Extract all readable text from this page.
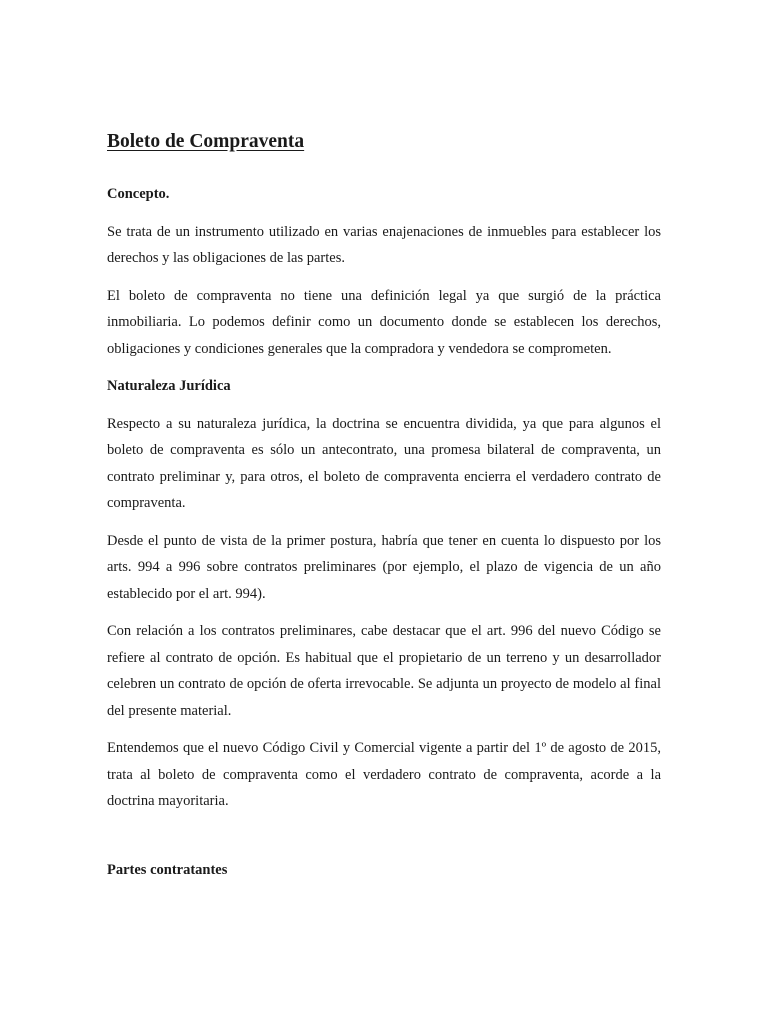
Boleto de Compraventa
Concepto.

Se trata de un instrumento utilizado en varias enajenaciones de inmuebles para establecer los derechos y las obligaciones de las partes.

El boleto de compraventa no tiene una definición legal ya que surgió de la práctica inmobiliaria. Lo podemos definir como un documento donde se establecen los derechos, obligaciones y condiciones generales que la compradora y vendedora se comprometen.

Naturaleza Jurídica

Respecto a su naturaleza jurídica, la doctrina se encuentra dividida, ya que para algunos el boleto de compraventa es sólo un antecontrato, una promesa bilateral de compraventa, un contrato preliminar y, para otros, el boleto de compraventa encierra el verdadero contrato de compraventa.

Desde el punto de vista de la primer postura, habría que tener en cuenta lo dispuesto por los arts. 994 a 996 sobre contratos preliminares (por ejemplo, el plazo de vigencia de un año establecido por el art. 994).

Con relación a los contratos preliminares, cabe destacar que el art. 996 del nuevo Código se refiere al contrato de opción. Es habitual que el propietario de un terreno y un desarrollador celebren un contrato de opción de oferta irrevocable. Se adjunta un proyecto de modelo al final del presente material.

Entendemos que el nuevo Código Civil y Comercial vigente a partir del 1º de agosto de 2015, trata al boleto de compraventa como el verdadero contrato de compraventa, acorde a la doctrina mayoritaria.

Partes contratantes
